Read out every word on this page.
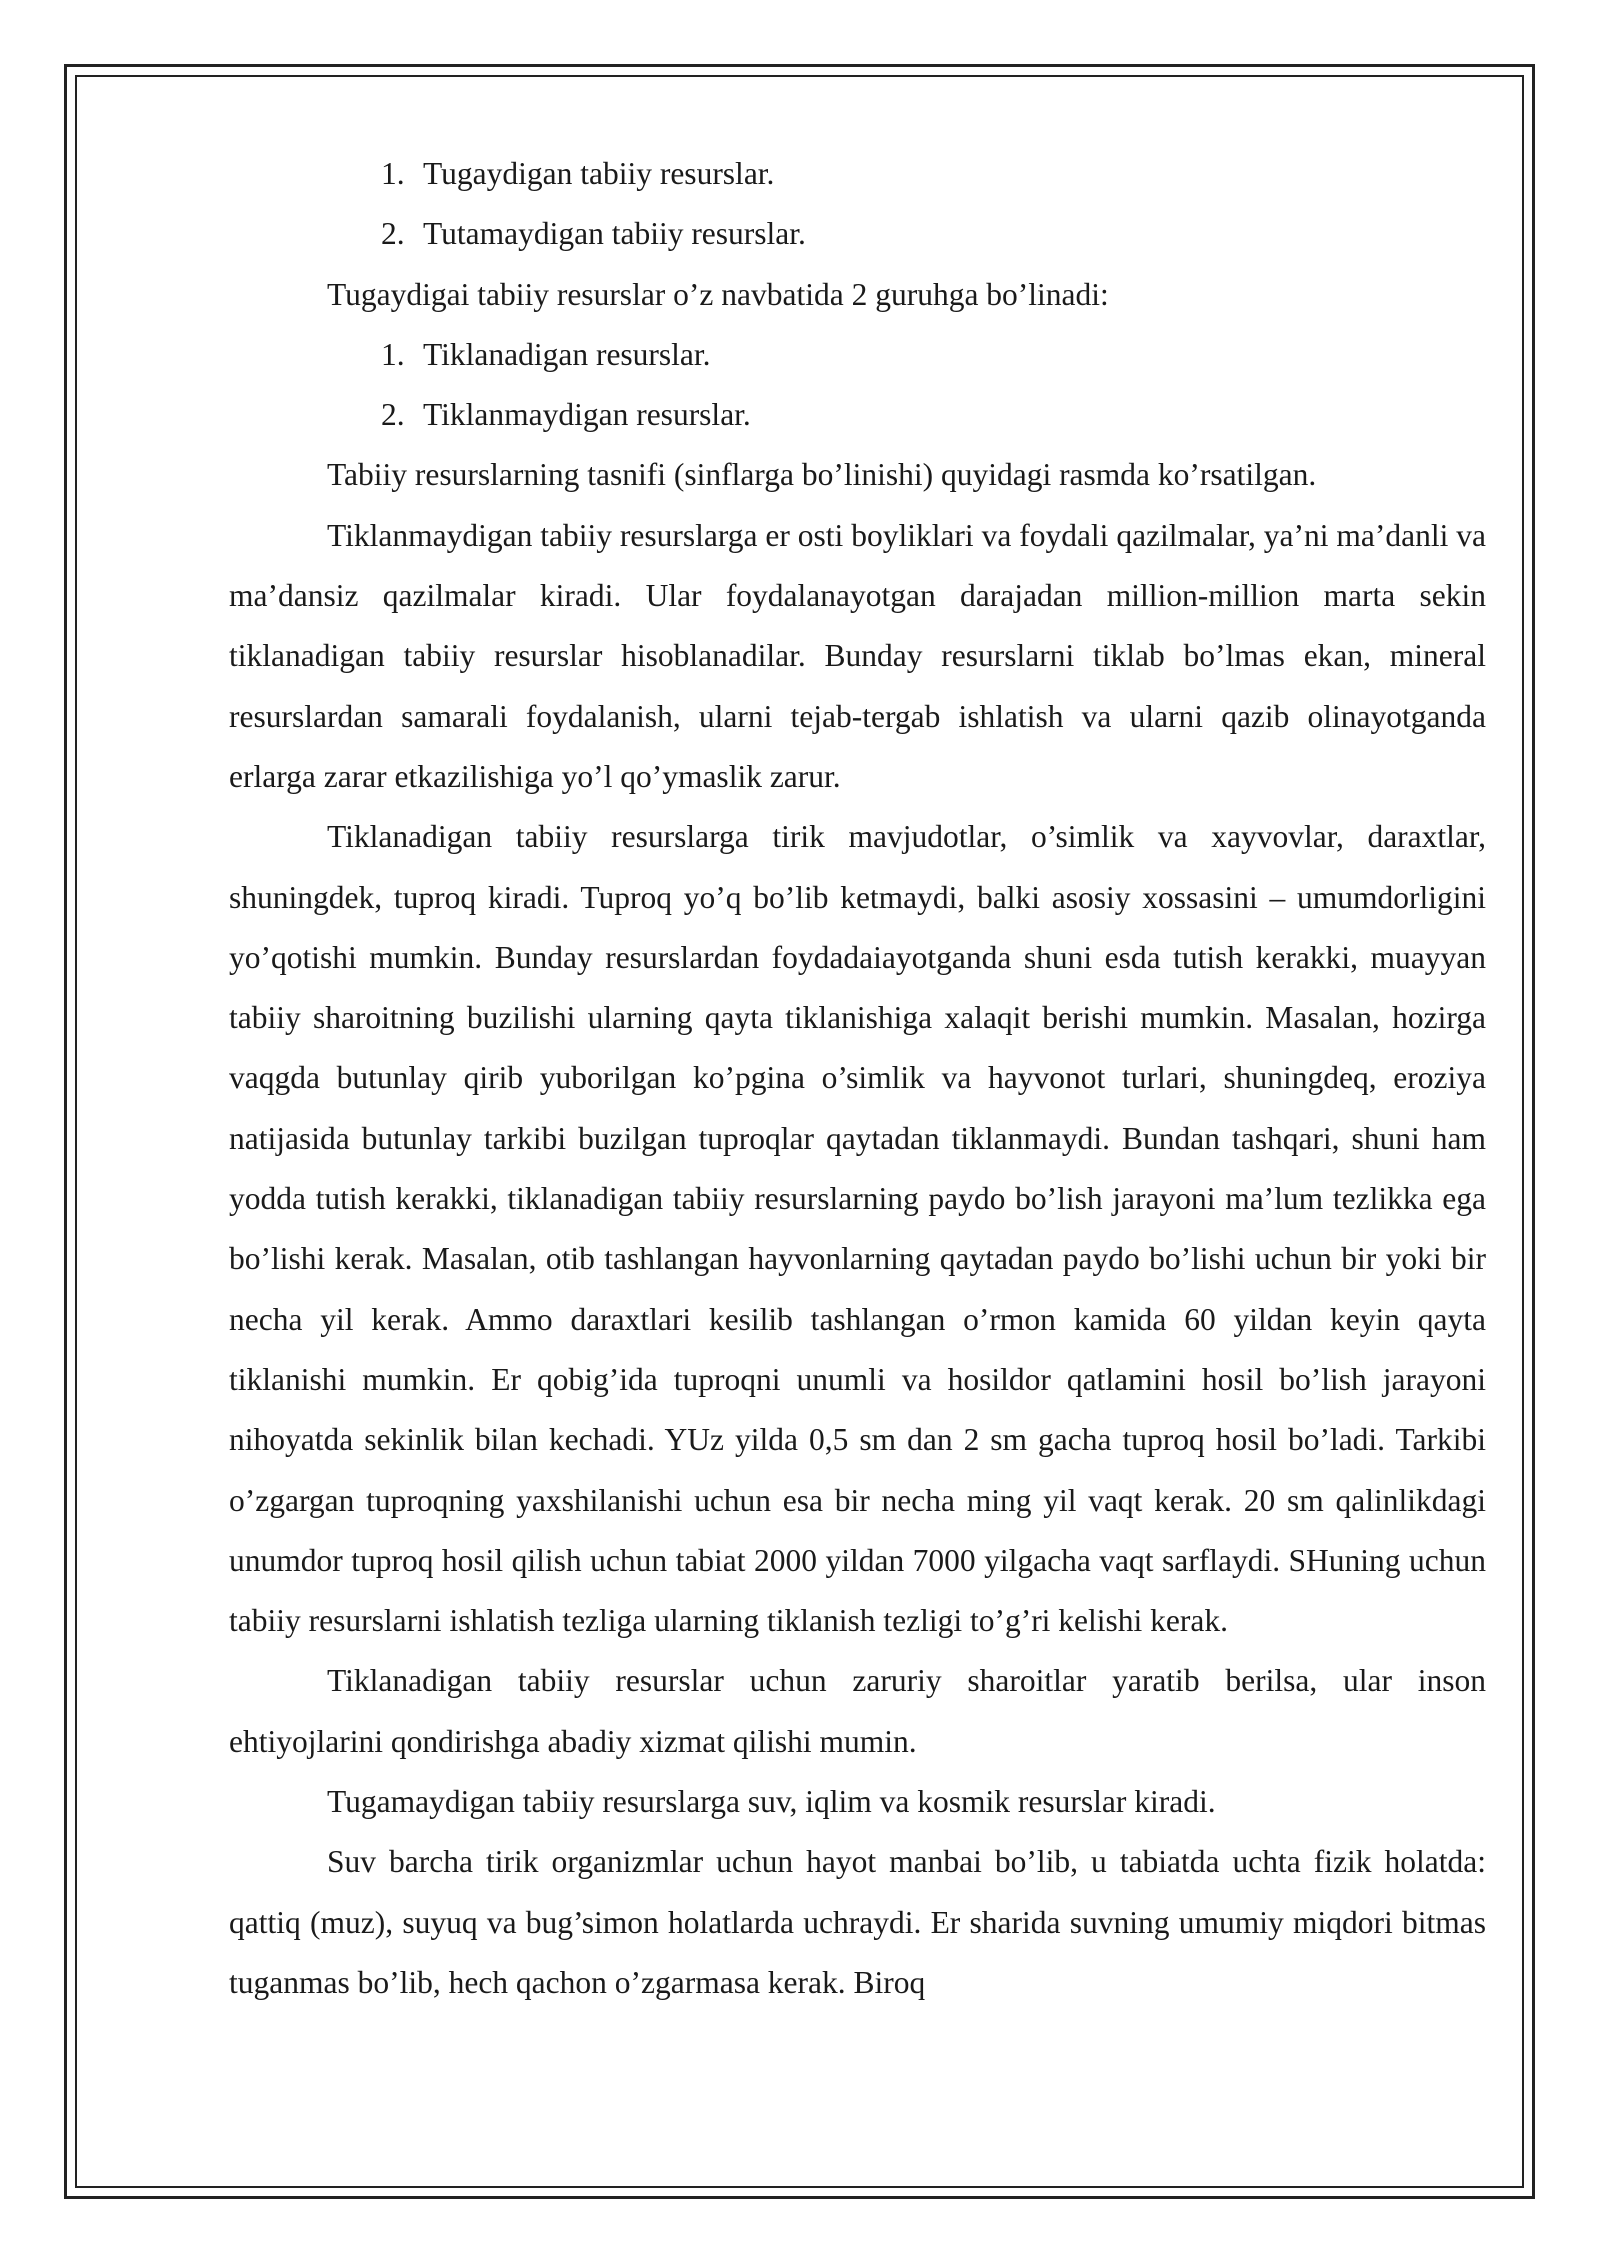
1. Tugaydigan tabiiy resurslar.
2. Tutamaydigan tabiiy resurslar.

Tugaydigai tabiiy resurslar o’z navbatida 2 guruhga bo’linadi:

1. Tiklanadigan resurslar.
2. Tiklanmaydigan resurslar.

Tabiiy resurslarning tasnifi (sinflarga bo’linishi) quyidagi rasmda ko’rsatilgan.

Tiklanmaydigan tabiiy resurslarga er osti boyliklari va foydali qazilmalar, ya’ni ma’danli va ma’dansiz qazilmalar kiradi. Ular foydalanayotgan darajadan million-million marta sekin tiklanadigan tabiiy resurslar hisoblanadilar. Bunday resurslarni tiklab bo’lmas ekan, mineral resurslardan samarali foydalanish, ularni tejab-tergab ishlatish va ularni qazib olinayotganda erlarga zarar etkazilishiga yo’l qo’ymaslik zarur.

Tiklanadigan tabiiy resurslarga tirik mavjudotlar, o’simlik va xayvovlar, daraxtlar, shuningdek, tuproq kiradi. Tuproq yo’q bo’lib ketmaydi, balki asosiy xossasini – umumdorligini yo’qotishi mumkin. Bunday resurslardan foydadaiayotganda shuni esda tutish kerakki, muayyan tabiiy sharoitning buzilishi ularning qayta tiklanishiga xalaqit berishi mumkin. Masalan, hozirga vaqgda butunlay qirib yuborilgan ko’pgina o’simlik va hayvonot turlari, shuningdeq, eroziya natijasida butunlay tarkibi buzilgan tuproqlar qaytadan tiklanmaydi. Bundan tashqari, shuni ham yodda tutish kerakki, tiklanadigan tabiiy resurslarning paydo bo’lish jarayoni ma’lum tezlikka ega bo’lishi kerak. Masalan, otib tashlangan hayvonlarning qaytadan paydo bo’lishi uchun bir yoki bir necha yil kerak. Ammo daraxtlari kesilib tashlangan o’rmon kamida 60 yildan keyin qayta tiklanishi mumkin. Er qobig’ida tuproqni unumli va hosildor qatlamini hosil bo’lish jarayoni nihoyatda sekinlik bilan kechadi. YUz yilda 0,5 sm dan 2 sm gacha tuproq hosil bo’ladi. Tarkibi o’zgargan tuproqning yaxshilanishi uchun esa bir necha ming yil vaqt kerak. 20 sm qalinlikdagi unumdor tuproq hosil qilish uchun tabiat 2000 yildan 7000 yilgacha vaqt sarflaydi. SHuning uchun tabiiy resurslarni ishlatish tezliga ularning tiklanish tezligi to’g’ri kelishi kerak.

Tiklanadigan tabiiy resurslar uchun zaruriy sharoitlar yaratib berilsa, ular inson ehtiyojlarini qondirishga abadiy xizmat qilishi mumin.

Tugamaydigan tabiiy resurslarga suv, iqlim va kosmik resurslar kiradi.

Suv barcha tirik organizmlar uchun hayot manbai bo’lib, u tabiatda uchta fizik holatda: qattiq (muz), suyuq va bug’simon holatlarda uchraydi. Er sharida suvning umumiy miqdori bitmas tuganmas bo’lib, hech qachon o’zgarmasa kerak. Biroq
